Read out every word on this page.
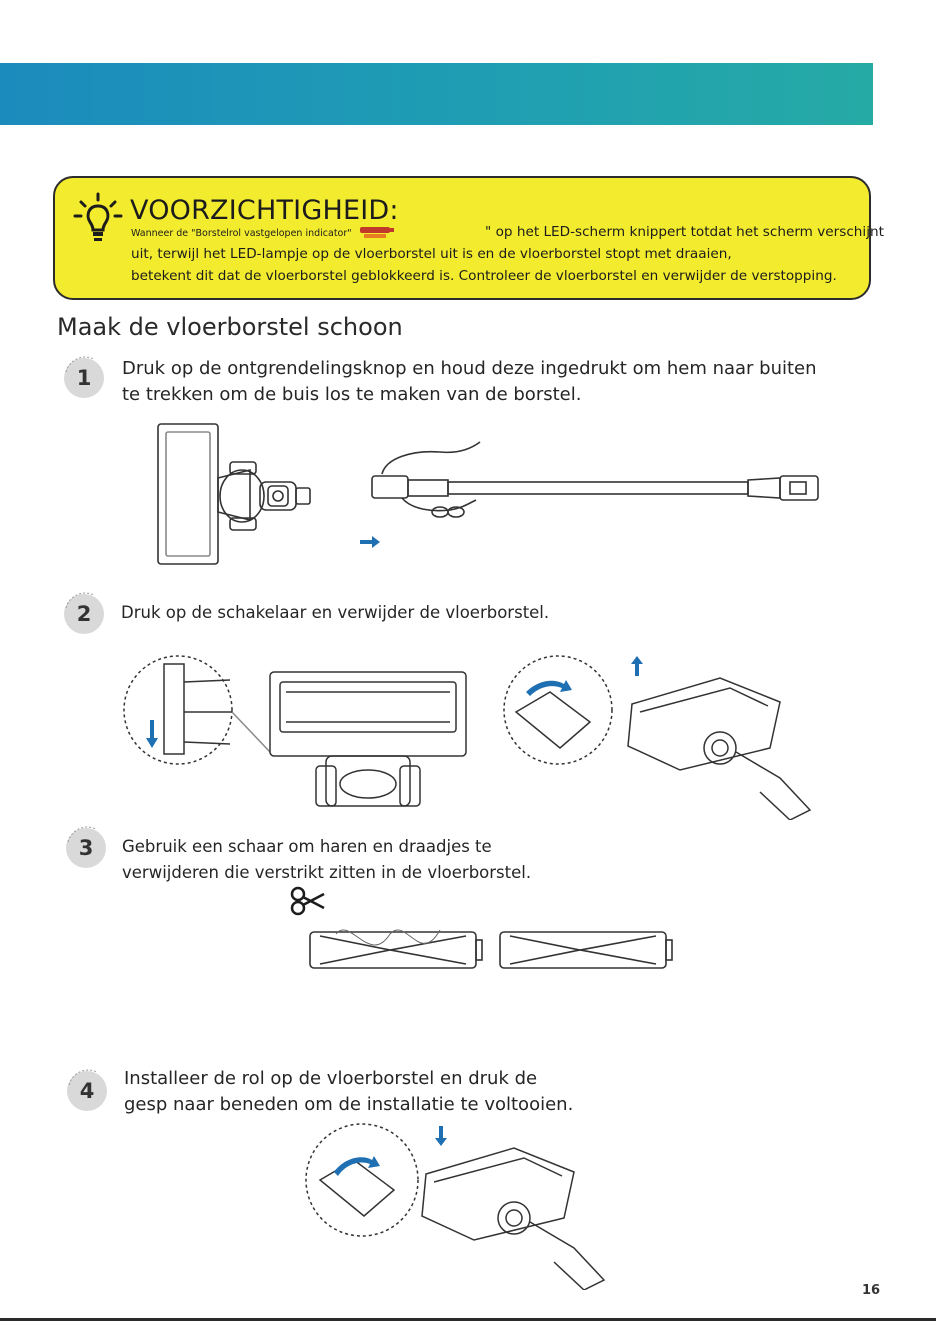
VOORZICHTIGHEID:
Wanneer de "Borstelrol vastgelopen indicator"	" op het LED-scherm knippert totdat het scherm verschijnt
uit, terwijl het LED-lampje op de vloerborstel uit is en de vloerborstel stopt met draaien,
betekent dit dat de vloerborstel geblokkeerd is. Controleer de vloerborstel en verwijder de verstopping.
Maak de vloerborstel schoon
1 Druk op de ontgrendelingsknop en houd deze ingedrukt om hem naar buiten
te trekken om de buis los te maken van de borstel.
2 Druk op de schakelaar en verwijder de vloerborstel.
3 Gebruik een schaar om haren en draadjes te
verwijderen die verstrikt zitten in de vloerborstel.
4
Installeer de rol op de vloerborstel en druk de
gesp naar beneden om de installatie te voltooien.
16
